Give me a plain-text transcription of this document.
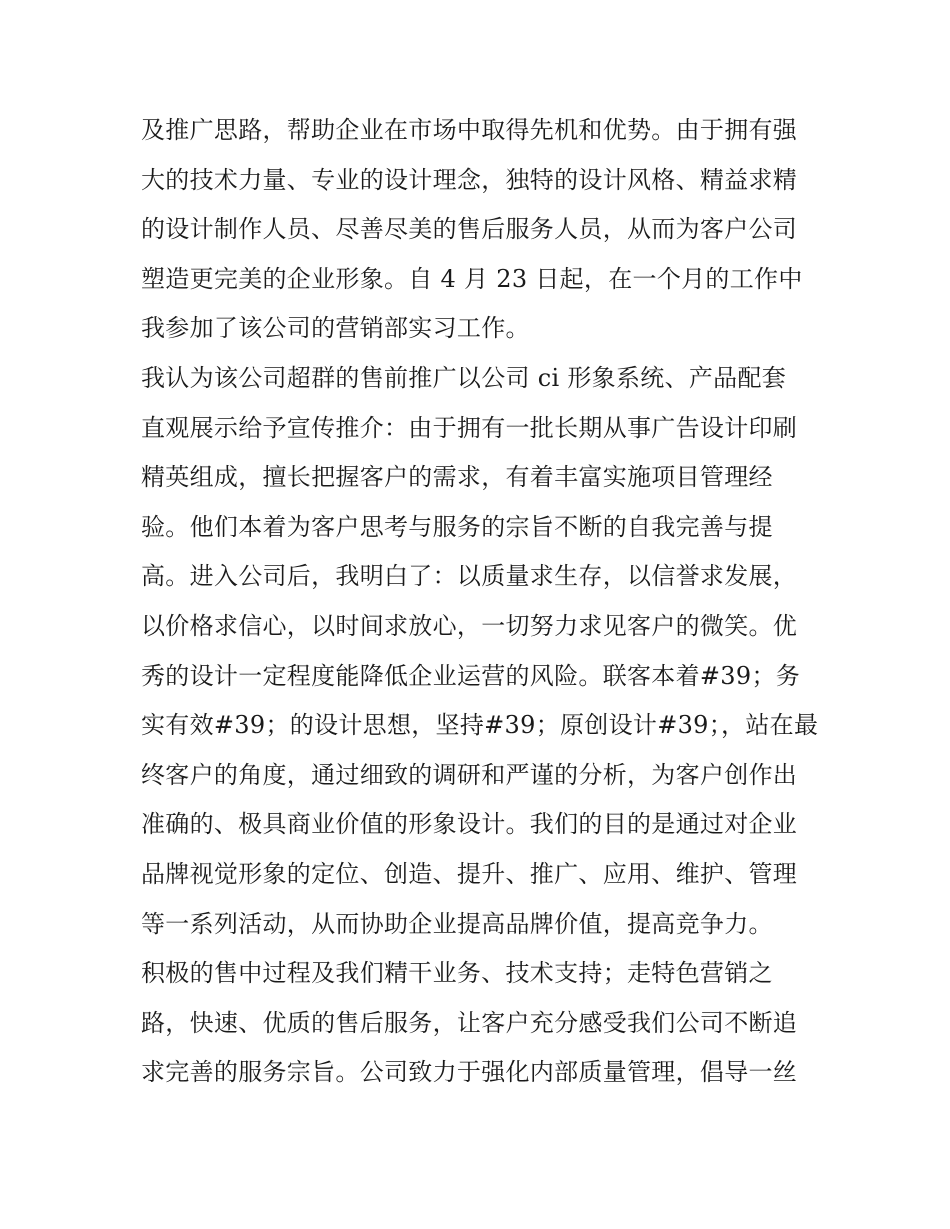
及推广思路，帮助企业在市场中取得先机和优势。由于拥有强
大的技术力量、专业的设计理念，独特的设计风格、精益求精
的设计制作人员、尽善尽美的售后服务人员，从而为客户公司
塑造更完美的企业形象。自 4 月 23 日起，在一个月的工作中
我参加了该公司的营销部实习工作。
我认为该公司超群的售前推广以公司 ci 形象系统、产品配套
直观展示给予宣传推介：由于拥有一批长期从事广告设计印刷
精英组成，擅长把握客户的需求，有着丰富实施项目管理经
验。他们本着为客户思考与服务的宗旨不断的自我完善与提
高。进入公司后，我明白了：以质量求生存，以信誉求发展，
以价格求信心，以时间求放心，一切努力求见客户的微笑。优
秀的设计一定程度能降低企业运营的风险。联客本着#39；务
实有效#39；的设计思想，坚持#39；原创设计#39；，站在最
终客户的角度，通过细致的调研和严谨的分析，为客户创作出
准确的、极具商业价值的形象设计。我们的目的是通过对企业
品牌视觉形象的定位、创造、提升、推广、应用、维护、管理
等一系列活动，从而协助企业提高品牌价值，提高竞争力。
积极的售中过程及我们精干业务、技术支持；走特色营销之
路，快速、优质的售后服务，让客户充分感受我们公司不断追
求完善的服务宗旨。公司致力于强化内部质量管理，倡导一丝
